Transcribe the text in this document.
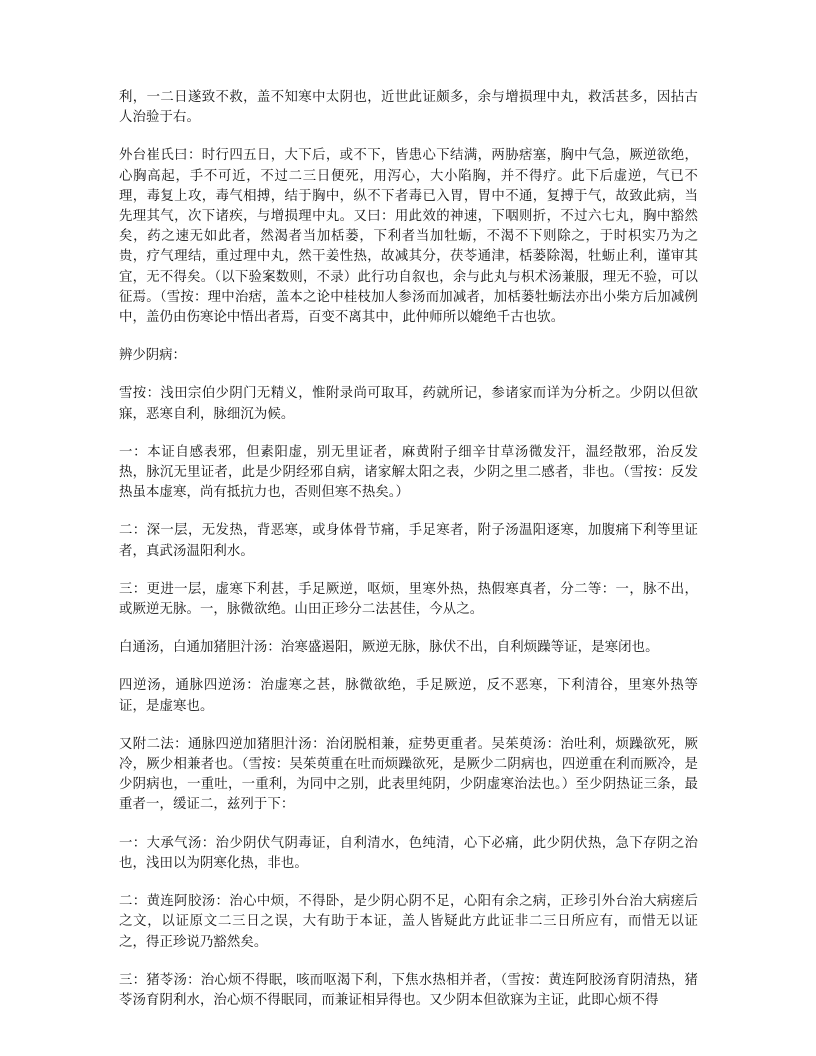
利，一二日遂致不救，盖不知寒中太阴也，近世此证颇多，余与增损理中丸，救活甚多，因拈古人治验于右。

外台崔氏曰：时行四五日，大下后，或不下，皆患心下结满，两胁痞塞，胸中气急，厥逆欲绝，心胸高起，手不可近，不过二三日便死，用泻心，大小陷胸，并不得疗。此下后虚逆，气已不理，毒复上攻，毒气相搏，结于胸中，纵不下者毒已入胃，胃中不通，复搏于气，故致此病，当先理其气，次下诸疾，与增损理中丸。又曰：用此效的神速，下咽则折，不过六七丸，胸中豁然矣，药之速无如此者，然渴者当加栝蒌，下利者当加牡蛎，不渴不下则除之，于时枳实乃为之贵，疗气理结，重过理中丸，然干姜性热，故减其分，茯苓通津，栝蒌除渴，牡蛎止利，谨审其宜，无不得矣。（以下验案数则，不录）此行功自叙也，余与此丸与枳术汤兼服，理无不验，可以征焉。（雪按：理中治痞，盖本之论中桂枝加人参汤而加减者，加栝蒌牡蛎法亦出小柴方后加减例中，盖仍由伤寒论中悟出者焉，百变不离其中，此仲师所以媲绝千古也欤。

辨少阴病：

雪按：浅田宗伯少阴门无精义，惟附录尚可取耳，药就所记，参诸家而详为分析之。少阴以但欲寐，恶寒自利，脉细沉为候。

一：本证自感表邪，但素阳虚，别无里证者，麻黄附子细辛甘草汤微发汗，温经散邪，治反发热，脉沉无里证者，此是少阴经邪自病，诸家解太阳之表，少阴之里二感者，非也。（雪按：反发热虽本虚寒，尚有抵抗力也，否则但寒不热矣。）

二：深一层，无发热，背恶寒，或身体骨节痛，手足寒者，附子汤温阳逐寒，加腹痛下利等里证者，真武汤温阳利水。

三：更进一层，虚寒下利甚，手足厥逆，呕烦，里寒外热，热假寒真者，分二等：一，脉不出，或厥逆无脉。一，脉微欲绝。山田正珍分二法甚佳，今从之。

白通汤，白通加猪胆汁汤：治寒盛遏阳，厥逆无脉，脉伏不出，自利烦躁等证，是寒闭也。

四逆汤，通脉四逆汤：治虚寒之甚，脉微欲绝，手足厥逆，反不恶寒，下利清谷，里寒外热等证，是虚寒也。

又附二法：通脉四逆加猪胆汁汤：治闭脱相兼，症势更重者。吴茱萸汤：治吐利，烦躁欲死，厥冷，厥少相兼者也。（雪按：吴茱萸重在吐而烦躁欲死，是厥少二阴病也，四逆重在利而厥冷，是少阴病也，一重吐，一重利，为同中之别，此表里纯阴，少阴虚寒治法也。）至少阴热证三条，最重者一，缓证二，兹列于下：

一：大承气汤：治少阴伏气阴毒证，自利清水，色纯清，心下必痛，此少阴伏热，急下存阴之治也，浅田以为阴寒化热，非也。

二：黄连阿胶汤：治心中烦，不得卧，是少阴心阴不足，心阳有余之病，正珍引外台治大病瘥后之文，以证原文二三日之误，大有助于本证，盖人皆疑此方此证非二三日所应有，而惜无以证之，得正珍说乃豁然矣。

三：猪苓汤：治心烦不得眠，咳而呕渴下利，下焦水热相并者，（雪按：黄连阿胶汤育阴清热，猪苓汤育阴利水，治心烦不得眠同，而兼证相异得也。又少阴本但欲寐为主证，此即心烦不得
